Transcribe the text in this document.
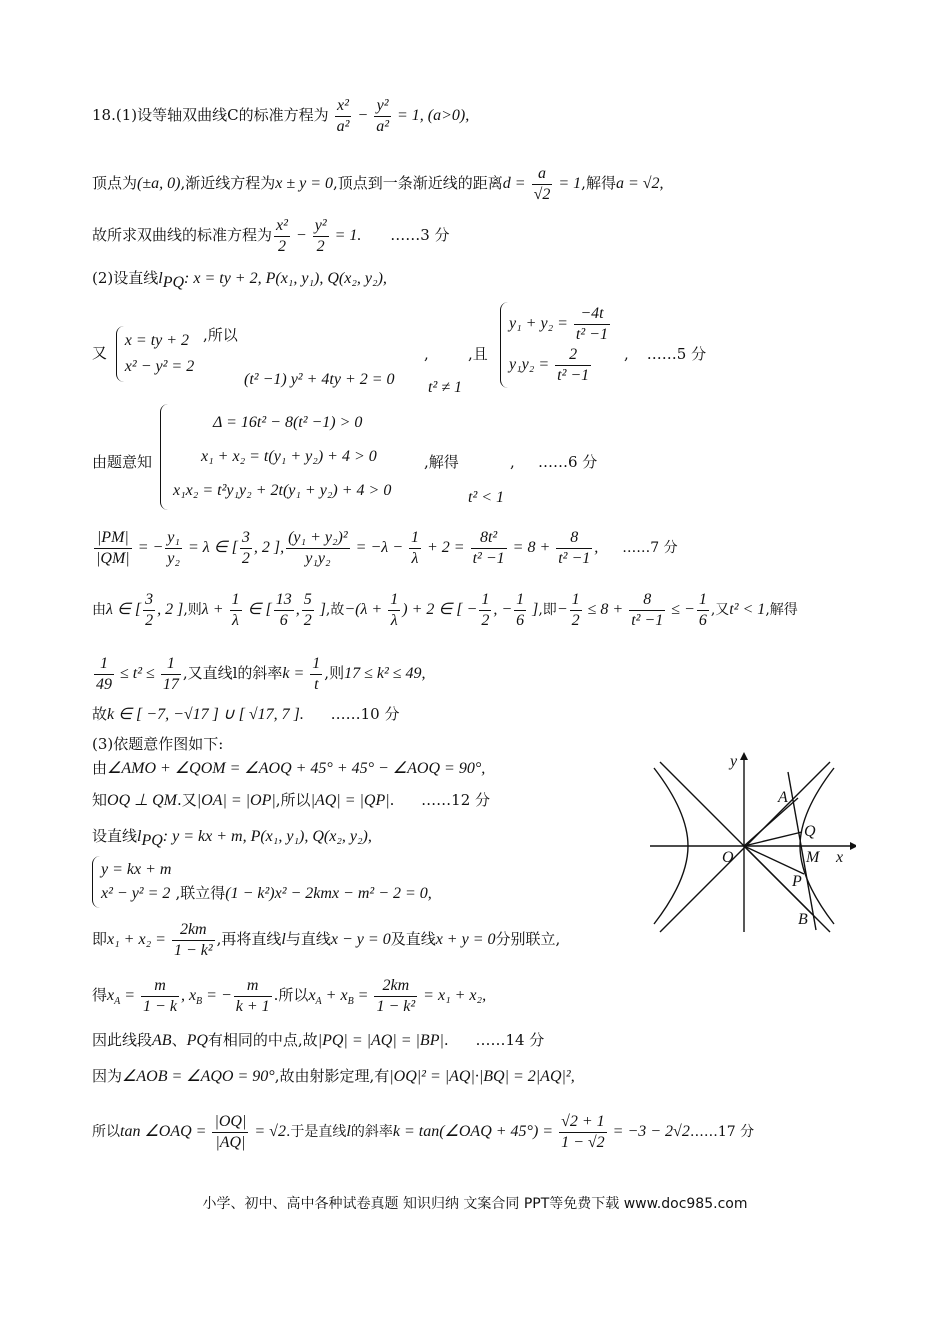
18.(1)设等轴双曲线C的标准方程为 $\frac{\text{x²}}{\text{a²}} - \frac{\text{y²}}{\text{a²}} = 1$, (a>0),
顶点为(±a, 0),渐近线方程为x ± y = 0,顶点到一条渐近线的距离$d = \frac{a}{√2} = 1$,解得a = √2,
故所求双曲线的标准方程为 $\frac{\text{x²}}{2} - \frac{\text{y²}}{2} = 1$. ……3 分
(2)设直线$l_{PQ}$: x = ty + 2, P(x₁, y₁), Q(x₂, y₂),
又
x = ty + 2
x² − y² = 2
,所以
(t² −1) y² + 4ty + 2 = 0
,	,且
t² ≠ 1
$y_1 + y_2 = \frac{-4t}{\text{t² −1}}$
$y_1y_2 = \frac{2}{\text{t² −1}}$ , ……5 分
由题意知
Δ = 16t² − 8(t² −1) > 0
x₁ + x₂ = t(y₁ + y₂) + 4 > 0
x₁x₂ = t²y₁y₂ + 2t(y₁ + y₂) + 4 > 0
,解得	,
t² < 1
……6 分
$\frac{|PM|}{|QM|}$ = − $\frac{\text{y₁}}{\text{y₂}} = \lambda$ ∈ [ $\frac{3}{2}$ , 2 ], $\frac{\text{(y₁ + y₂)²}}{\text{y₁y₂}} = -\lambda - \frac{1}{\lambda} + 2 = \frac{\text{8t²}}{\text{t² −1}} = 8 + \frac{8}{\text{t² −1}}$ , ……7 分
由λ ∈ [ $\frac{3}{2}$ , 2 ],则$\lambda + \frac{1}{\lambda}$ ∈ [ $\frac{13}{6}$ , $\frac{5}{2}$ ],故$-(\lambda + \frac{1}{\lambda}$ ) + 2 ∈ [ − $\frac{1}{2}$ , − $\frac{1}{6}$ ],即− $\frac{1}{2} \le 8 + \frac{8}{\text{t² −1}}$ ≤ − $\frac{1}{6}$ ,又t² < 1,解得
$\frac{1}{49} \le t^2 \le \frac{1}{17}$ ,又直线l的斜率$k = \frac{1}{t}$ ,则17 ≤ k² ≤ 49,
故k ∈ [ −7, −√17 ] ∪ [ √17, 7 ]. ……10 分
(3)依题意作图如下:
由∠AMO + ∠QOM = ∠AOQ + 45° + 45° − ∠AOQ = 90°,
知OQ ⊥ QM.又|OA| = |OP|,所以|AQ| = |QP|. ……12 分
设直线$l_{PQ}$: y = kx + m, P(x₁, y₁), Q(x₂, y₂),
y = kx + m
x² − y² = 2 ,联立得(1 − k²)x² − 2kmx − m² − 2 = 0,
即$x_1 + x_2 = \frac{2km}{\text{1 − k²}}$ ,再将直线l与直线x − y = 0及直线x + y = 0分别联立,
得$x_A = \frac{m}{1 - k}$ , $x_B$ = − $\frac{m}{k + 1}$ .所以$x_A + x_B = \frac{2km}{\text{1 − k²}} = x_1 + x_2$,
因此线段AB、PQ有相同的中点,故|PQ| = |AQ| = |BP|. ……14 分
因为∠AOB = ∠AQO = 90°,故由射影定理,有|OQ|² = |AQ|·|BQ| = 2|AQ|²,
所以tan ∠OAQ = $\frac{|OQ|}{|AQ|} = √2$.于是直线l的斜率k = tan(∠OAQ + $45^\circ) = \frac{√2 + 1}{1 - √2} = -3$ − 2√2……17 分
y
x
A
Q
O	M
P
B
小学、初中、高中各种试卷真题 知识归纳 文案合同 PPT等免费下载 www.doc985.com
